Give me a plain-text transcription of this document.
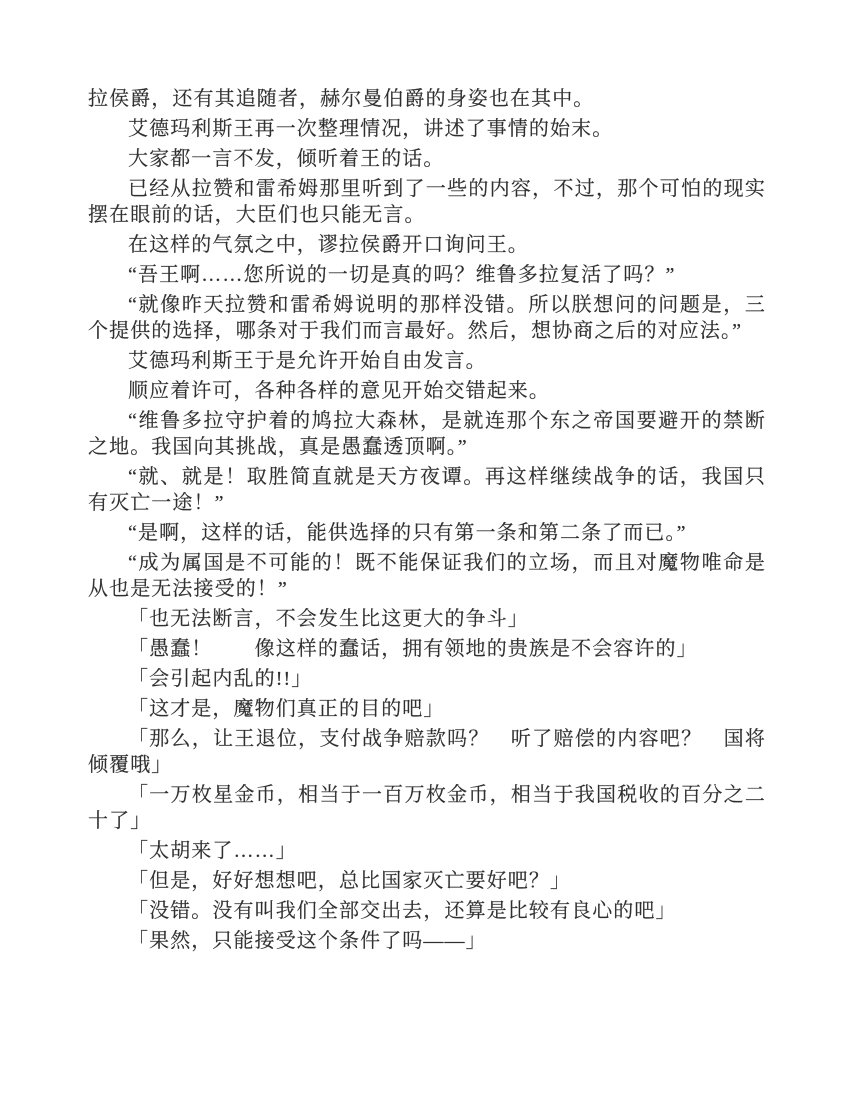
拉侯爵，还有其追随者，赫尔曼伯爵的身姿也在其中。

艾德玛利斯王再一次整理情况，讲述了事情的始末。

大家都一言不发，倾听着王的话。

已经从拉赞和雷希姆那里听到了一些的内容，不过，那个可怕的现实摆在眼前的话，大臣们也只能无言。

在这样的气氛之中，谬拉侯爵开口询问王。

“吾王啊……您所说的一切是真的吗？维鲁多拉复活了吗？”

“就像昨天拉赞和雷希姆说明的那样没错。所以朕想问的问题是，三个提供的选择，哪条对于我们而言最好。然后，想协商之后的对应法。”

艾德玛利斯王于是允许开始自由发言。

顺应着许可，各种各样的意见开始交错起来。

“维鲁多拉守护着的鸠拉大森林，是就连那个东之帝国要避开的禁断之地。我国向其挑战，真是愚蠢透顶啊。”

“就、就是！取胜简直就是天方夜谭。再这样继续战争的话，我国只有灭亡一途！”

“是啊，这样的话，能供选择的只有第一条和第二条了而已。”

“成为属国是不可能的！既不能保证我们的立场，而且对魔物唯命是从也是无法接受的！”

「也无法断言，不会发生比这更大的争斗」

「愚蠢！　　像这样的蠢话，拥有领地的贵族是不会容许的」

「会引起内乱的!!」

「这才是，魔物们真正的目的吧」

「那么，让王退位，支付战争赔款吗？　听了赔偿的内容吧？　国将倾覆哦」

「一万枚星金币，相当于一百万枚金币，相当于我国税收的百分之二十了」

「太胡来了……」

「但是，好好想想吧，总比国家灭亡要好吧？」

「没错。没有叫我们全部交出去，还算是比较有良心的吧」

「果然，只能接受这个条件了吗——」
